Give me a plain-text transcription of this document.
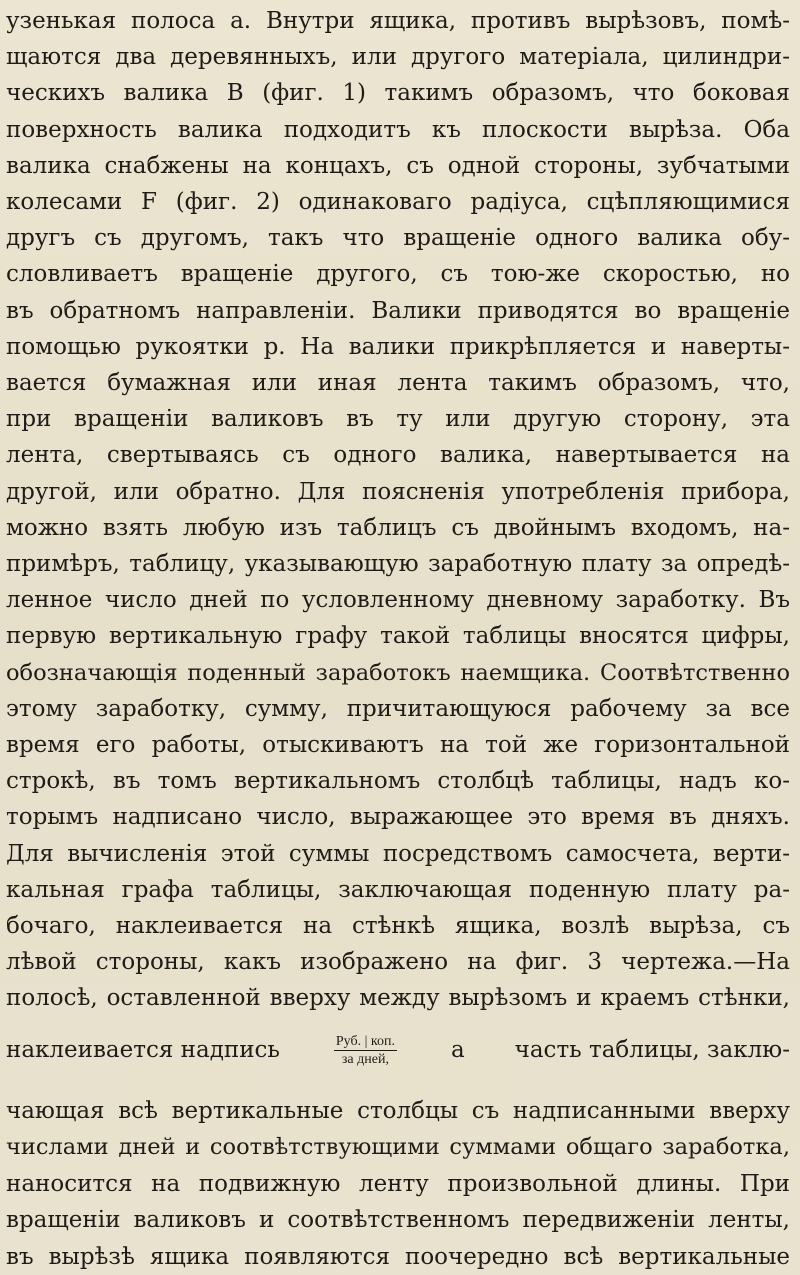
узенькая полоса a. Внутри ящика, противъ вырѣзовъ, помѣ-
щаются два деревянныхъ, или другого матеріала, цилиндри-
ческихъ валика B (фиг. 1) такимъ образомъ, что боковая
поверхность валика подходитъ къ плоскости вырѣза. Оба
валика снабжены на концахъ, съ одной стороны, зубчатыми
колесами F (фиг. 2) одинаковаго радіуса, сцѣпляющимися
другъ съ другомъ, такъ что вращеніе одного валика обу-
словливаетъ вращеніе другого, съ тою-же скоростью, но
въ обратномъ направленіи. Валики приводятся во вращеніе
помощью рукоятки p. На валики прикрѣпляется и наверты-
вается бумажная или иная лента такимъ образомъ, что,
при вращеніи валиковъ въ ту или другую сторону, эта
лента, свертываясь съ одного валика, навертывается на
другой, или обратно. Для поясненія употребленія прибора,
можно взять любую изъ таблицъ съ двойнымъ входомъ, на-
примѣръ, таблицу, указывающую заработную плату за опредѣ-
ленное число дней по условленному дневному заработку. Въ
первую вертикальную графу такой таблицы вносятся цифры,
обозначающія поденный заработокъ наемщика. Соотвѣтственно
этому заработку, сумму, причитающуюся рабочему за все
время его работы, отыскиваютъ на той же горизонтальной
строкѣ, въ томъ вертикальномъ столбцѣ таблицы, надъ ко-
торымъ надписано число, выражающее это время въ дняхъ.
Для вычисленія этой суммы посредствомъ самосчета, верти-
кальная графа таблицы, заключающая поденную плату ра-
бочаго, наклеивается на стѣнкѣ ящика, возлѣ вырѣза, съ
лѣвой стороны, какъ изображено на фиг. 3 чертежа.—На
полосѣ, оставленной вверху между вырѣзомъ и краемъ стѣнки,
наклеивается надпись	$\frac{\text{Руб. | коп.}}{\text{за дней,}}$ а часть таблицы, заклю-
чающая всѣ вертикальные столбцы съ надписанными вверху
числами дней и соотвѣтствующими суммами общаго заработка,
наносится на подвижную ленту произвольной длины. При
вращеніи валиковъ и соотвѣтственномъ передвиженіи ленты,
въ вырѣзѣ ящика появляются поочередно всѣ вертикальные
